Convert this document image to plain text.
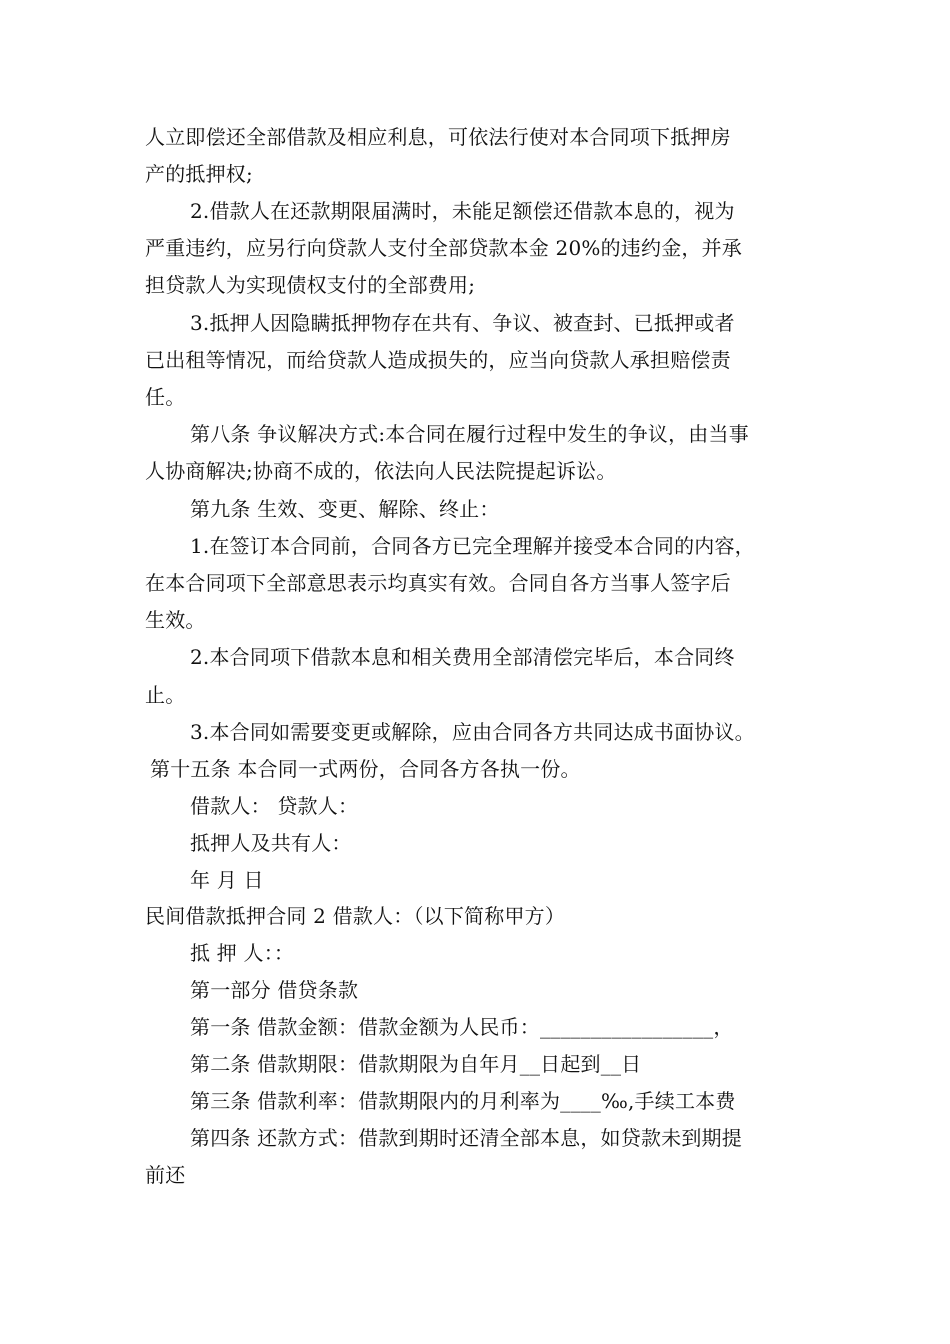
人立即偿还全部借款及相应利息，可依法行使对本合同项下抵押房
产的抵押权;
2.借款人在还款期限届满时，未能足额偿还借款本息的，视为
严重违约，应另行向贷款人支付全部贷款本金 20%的违约金，并承
担贷款人为实现债权支付的全部费用;
3.抵押人因隐瞒抵押物存在共有、争议、被查封、已抵押或者
已出租等情况，而给贷款人造成损失的，应当向贷款人承担赔偿责
任。
第八条 争议解决方式:本合同在履行过程中发生的争议，由当事
人协商解决;协商不成的，依法向人民法院提起诉讼。
第九条 生效、变更、解除、终止：
1.在签订本合同前，合同各方已完全理解并接受本合同的内容，
在本合同项下全部意思表示均真实有效。合同自各方当事人签字后
生效。
2.本合同项下借款本息和相关费用全部清偿完毕后，本合同终
止。
3.本合同如需要变更或解除，应由合同各方共同达成书面协议。
第十五条 本合同一式两份，合同各方各执一份。
借款人： 贷款人：
抵押人及共有人：
年 月 日
民间借款抵押合同 2 借款人：（以下简称甲方）
抵 押 人：：
第一部分 借贷条款
第一条 借款金额：借款金额为人民币：_________________，
第二条 借款期限：借款期限为自年月__日起到__日
第三条 借款利率：借款期限内的月利率为____‰,手续工本费
第四条 还款方式：借款到期时还清全部本息，如贷款未到期提
前还
